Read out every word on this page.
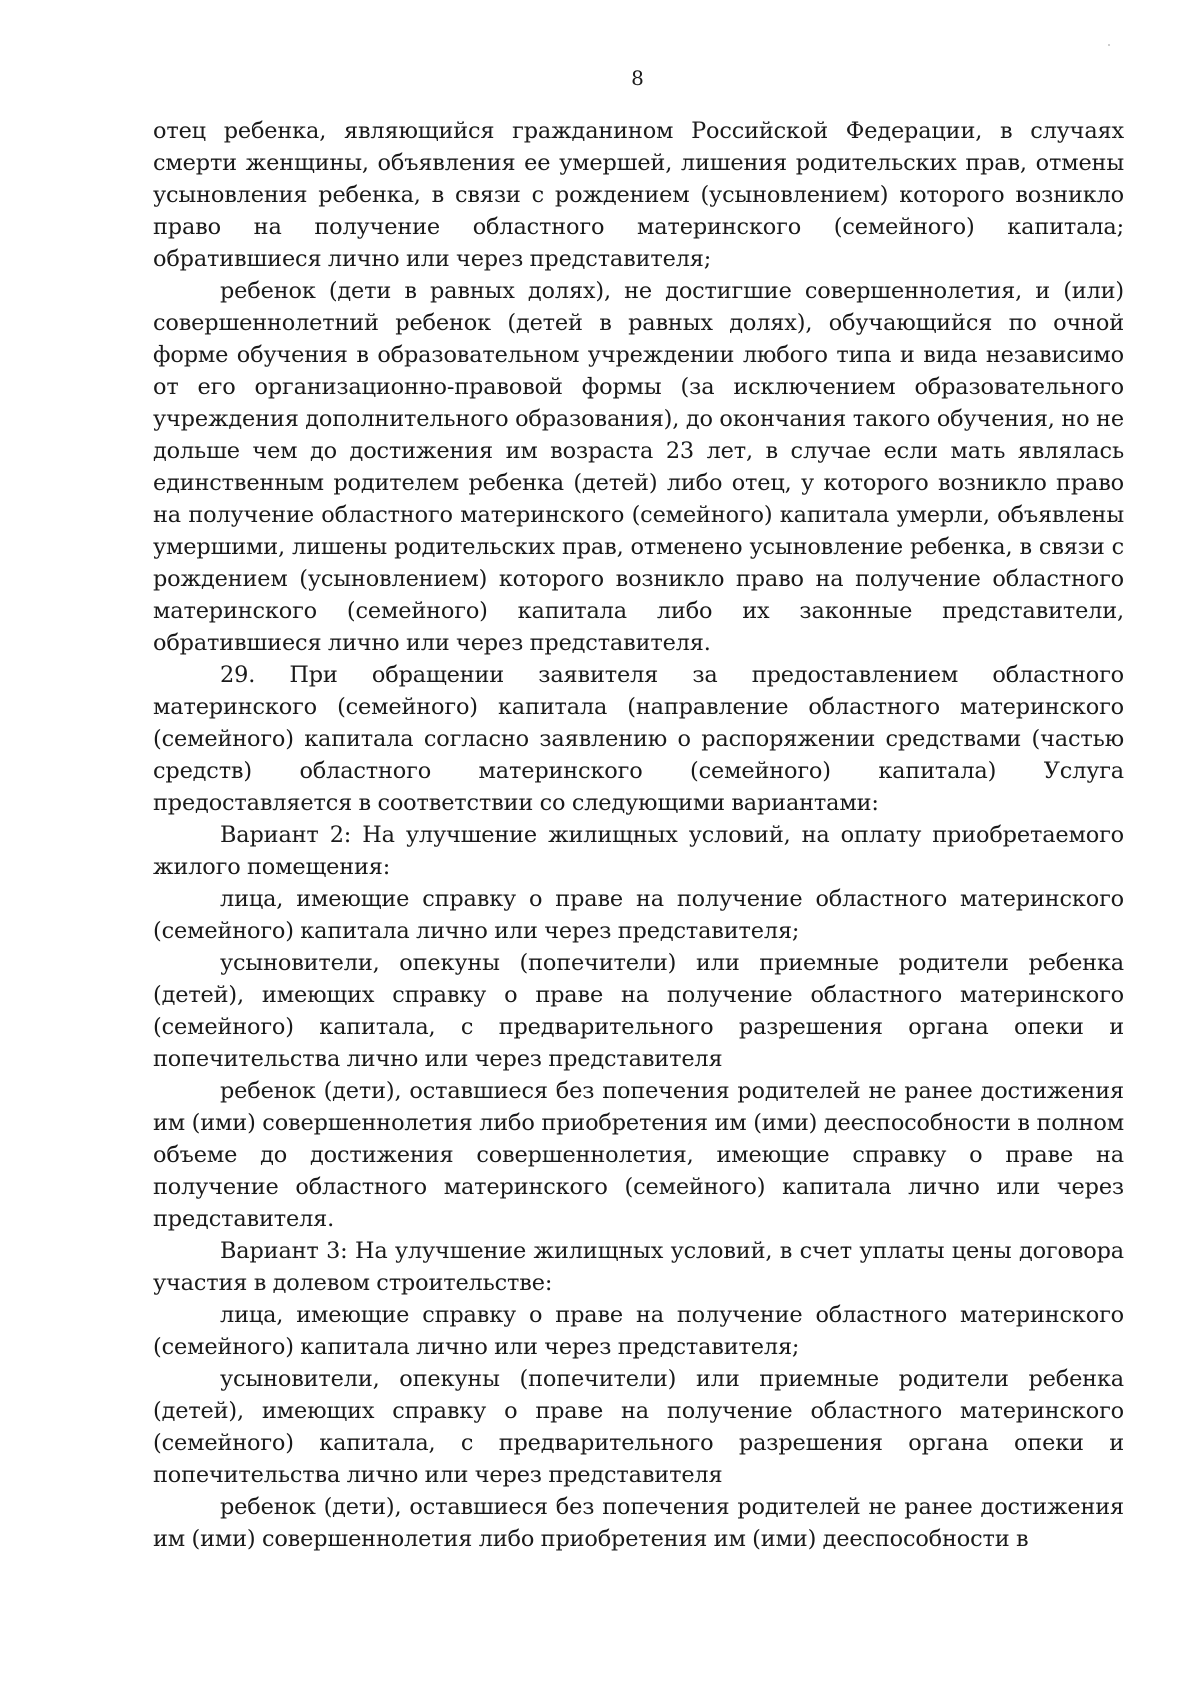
8

отец ребенка, являющийся гражданином Российской Федерации, в случаях смерти женщины, объявления ее умершей, лишения родительских прав, отмены усыновления ребенка, в связи с рождением (усыновлением) которого возникло право на получение областного материнского (семейного) капитала; обратившиеся лично или через представителя;

ребенок (дети в равных долях), не достигшие совершеннолетия, и (или) совершеннолетний ребенок (детей в равных долях), обучающийся по очной форме обучения в образовательном учреждении любого типа и вида независимо от его организационно-правовой формы (за исключением образовательного учреждения дополнительного образования), до окончания такого обучения, но не дольше чем до достижения им возраста 23 лет, в случае если мать являлась единственным родителем ребенка (детей) либо отец, у которого возникло право на получение областного материнского (семейного) капитала умерли, объявлены умершими, лишены родительских прав, отменено усыновление ребенка, в связи с рождением (усыновлением) которого возникло право на получение областного материнского (семейного) капитала либо их законные представители, обратившиеся лично или через представителя.

29. При обращении заявителя за предоставлением областного материнского (семейного) капитала (направление областного материнского (семейного) капитала согласно заявлению о распоряжении средствами (частью средств) областного материнского (семейного) капитала) Услуга предоставляется в соответствии со следующими вариантами:

Вариант 2: На улучшение жилищных условий, на оплату приобретаемого жилого помещения:

лица, имеющие справку о праве на получение областного материнского (семейного) капитала лично или через представителя;

усыновители, опекуны (попечители) или приемные родители ребенка (детей), имеющих справку о праве на получение областного материнского (семейного) капитала, с предварительного разрешения органа опеки и попечительства лично или через представителя

ребенок (дети), оставшиеся без попечения родителей не ранее достижения им (ими) совершеннолетия либо приобретения им (ими) дееспособности в полном объеме до достижения совершеннолетия, имеющие справку о праве на получение областного материнского (семейного) капитала лично или через представителя.

Вариант 3: На улучшение жилищных условий, в счет уплаты цены договора участия в долевом строительстве:

лица, имеющие справку о праве на получение областного материнского (семейного) капитала лично или через представителя;

усыновители, опекуны (попечители) или приемные родители ребенка (детей), имеющих справку о праве на получение областного материнского (семейного) капитала, с предварительного разрешения органа опеки и попечительства лично или через представителя

ребенок (дети), оставшиеся без попечения родителей не ранее достижения им (ими) совершеннолетия либо приобретения им (ими) дееспособности в
